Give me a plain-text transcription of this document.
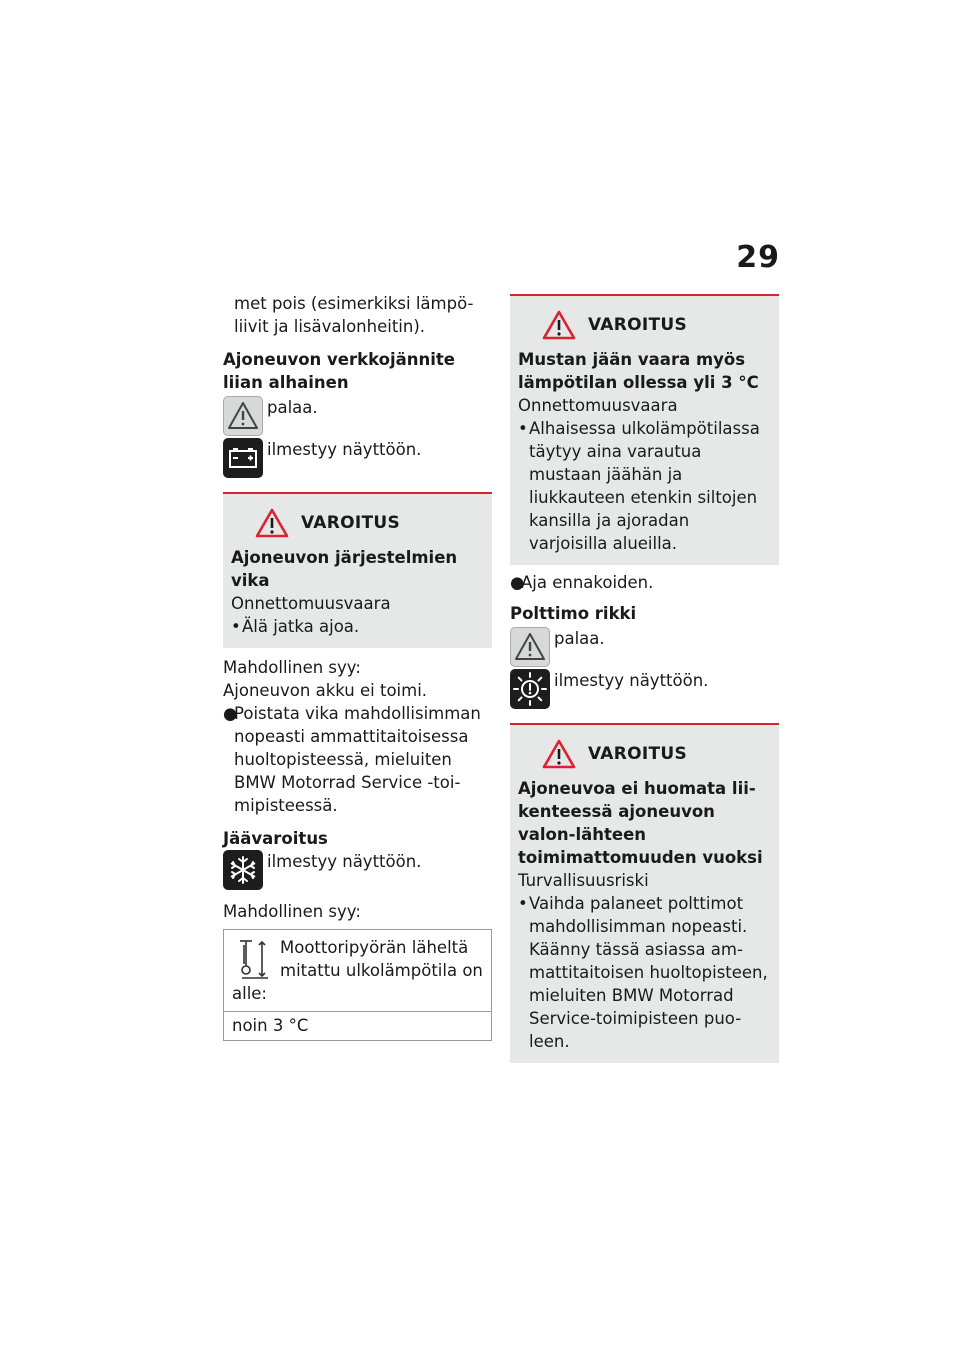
29

met pois (esimerkiksi lämpö-

liivit ja lisävalonheitin).

Ajoneuvon verkkojännite liian alhainen

palaa.
ilmestyy näyttöön.
VAROITUS

Ajoneuvon järjestelmien vika

Onnettomuusvaara

• Älä jatka ajoa.

Mahdollinen syy:

Ajoneuvon akku ei toimi.

●
Poistata vika mahdollisimman nopeasti ammattitaitoisessa huoltopisteessä, mieluiten BMW Motorrad Service -toi-mipisteessä.

Jäävaroitus

ilmestyy näyttöön.

Mahdollinen syy:

Moottoripyörän läheltä mitattu ulkolämpötila on alle:
noin 3 °C
VAROITUS

Mustan jään vaara myös lämpötilan ollessa yli 3 °C

Onnettomuusvaara

• Alhaisessa ulkolämpötilassa täytyy aina varautua mustaan jäähän ja liukkauteen etenkin siltojen kansilla ja ajoradan varjoisilla alueilla.

●
Aja ennakoiden.

Polttimo rikki

palaa.
ilmestyy näyttöön.
VAROITUS

Ajoneuvoa ei huomata lii-kenteessä ajoneuvon valon-lähteen toimimattomuuden vuoksi

Turvallisuusriski

• Vaihda palaneet polttimot mahdollisimman nopeasti. Käänny tässä asiassa am-mattitaitoisen huoltopisteen, mieluiten BMW Motorrad Service-toimipisteen puo-leen.
